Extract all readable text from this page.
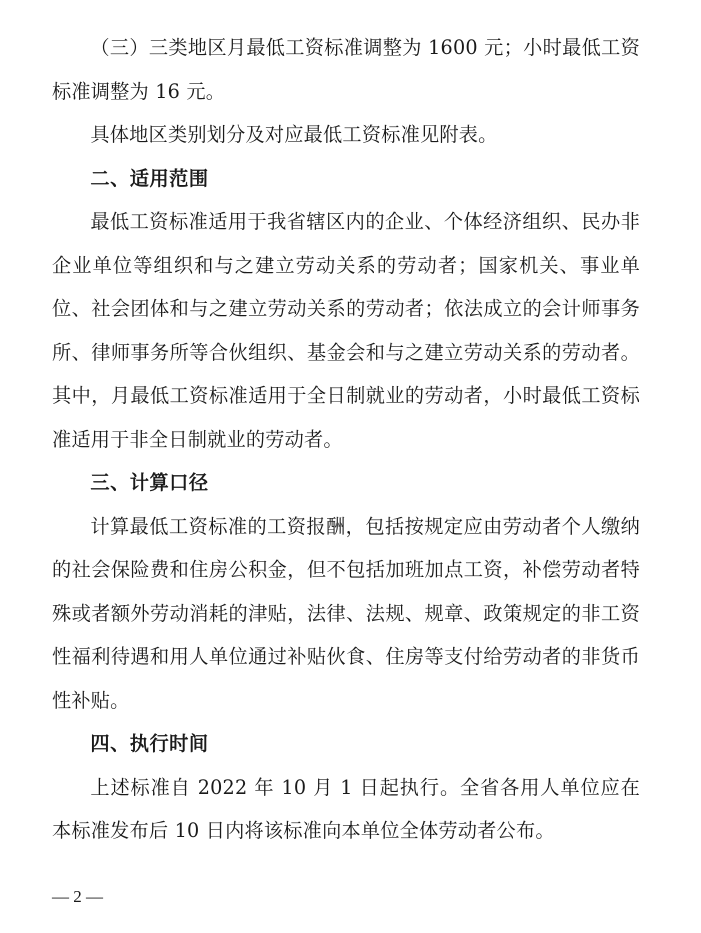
（三）三类地区月最低工资标准调整为 1600 元；小时最低工资标准调整为 16 元。

具体地区类别划分及对应最低工资标准见附表。

二、适用范围

最低工资标准适用于我省辖区内的企业、个体经济组织、民办非企业单位等组织和与之建立劳动关系的劳动者；国家机关、事业单位、社会团体和与之建立劳动关系的劳动者；依法成立的会计师事务所、律师事务所等合伙组织、基金会和与之建立劳动关系的劳动者。其中，月最低工资标准适用于全日制就业的劳动者，小时最低工资标准适用于非全日制就业的劳动者。

三、计算口径

计算最低工资标准的工资报酬，包括按规定应由劳动者个人缴纳的社会保险费和住房公积金，但不包括加班加点工资，补偿劳动者特殊或者额外劳动消耗的津贴，法律、法规、规章、政策规定的非工资性福利待遇和用人单位通过补贴伙食、住房等支付给劳动者的非货币性补贴。

四、执行时间

上述标准自 2022 年 10 月 1 日起执行。全省各用人单位应在本标准发布后 10 日内将该标准向本单位全体劳动者公布。

— 2 —
